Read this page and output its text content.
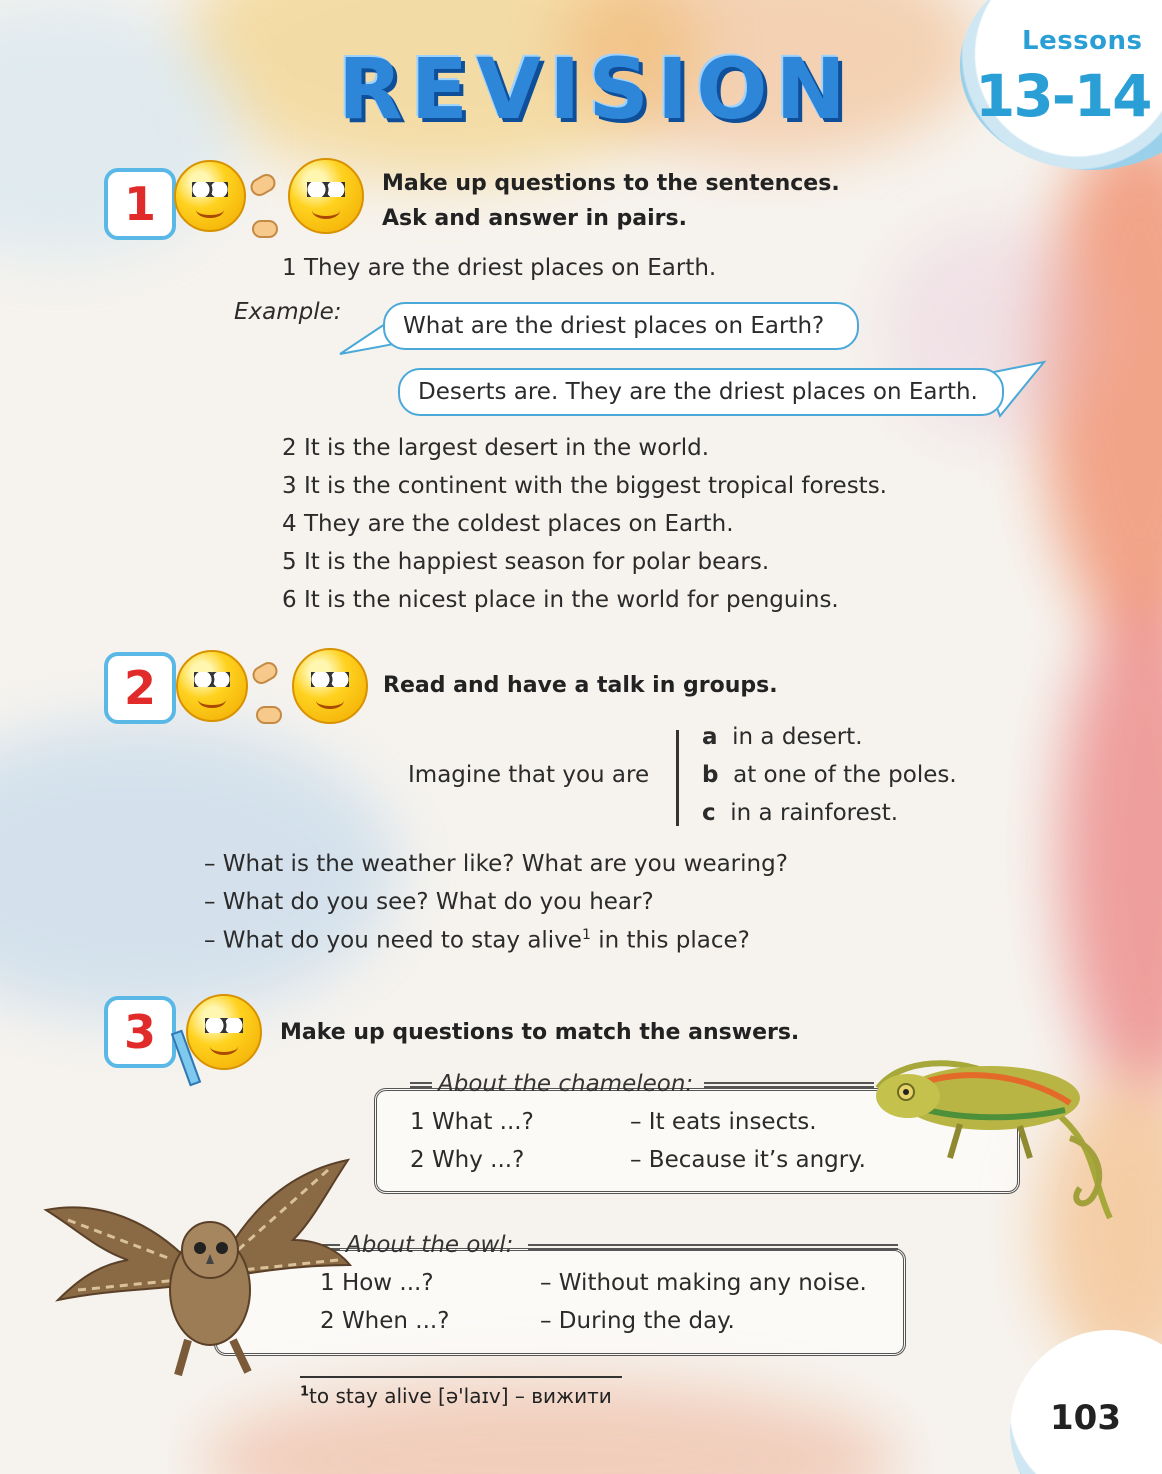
REVISION	Lessons
13-14
1	Make up questions to the sentences.
Ask and answer in pairs.
1 They are the driest places on Earth.
Example:
What are the driest places on Earth?
Deserts are. They are the driest places on Earth.
2 It is the largest desert in the world.
3 It is the continent with the biggest tropical forests.
4 They are the coldest places on Earth.
5 It is the happiest season for polar bears.
6 It is the nicest place in the world for penguins.
2	Read and have a talk in groups.
Imagine that you are
a in a desert.
b at one of the poles.
c in a rainforest.
– What is the weather like? What are you wearing?
– What do you see? What do you hear?
– What do you need to stay alive$^1$ in this place?
3	Make up questions to match the answers.
About the chameleon:
1 What ...?	– It eats insects.
2 Why ...?	– Because it’s angry.
About the owl:
1 How ...?	– Without making any noise.
2 When ...?	– During the day.
$^1$to stay alive [ə'laɪv] – вижити
103
